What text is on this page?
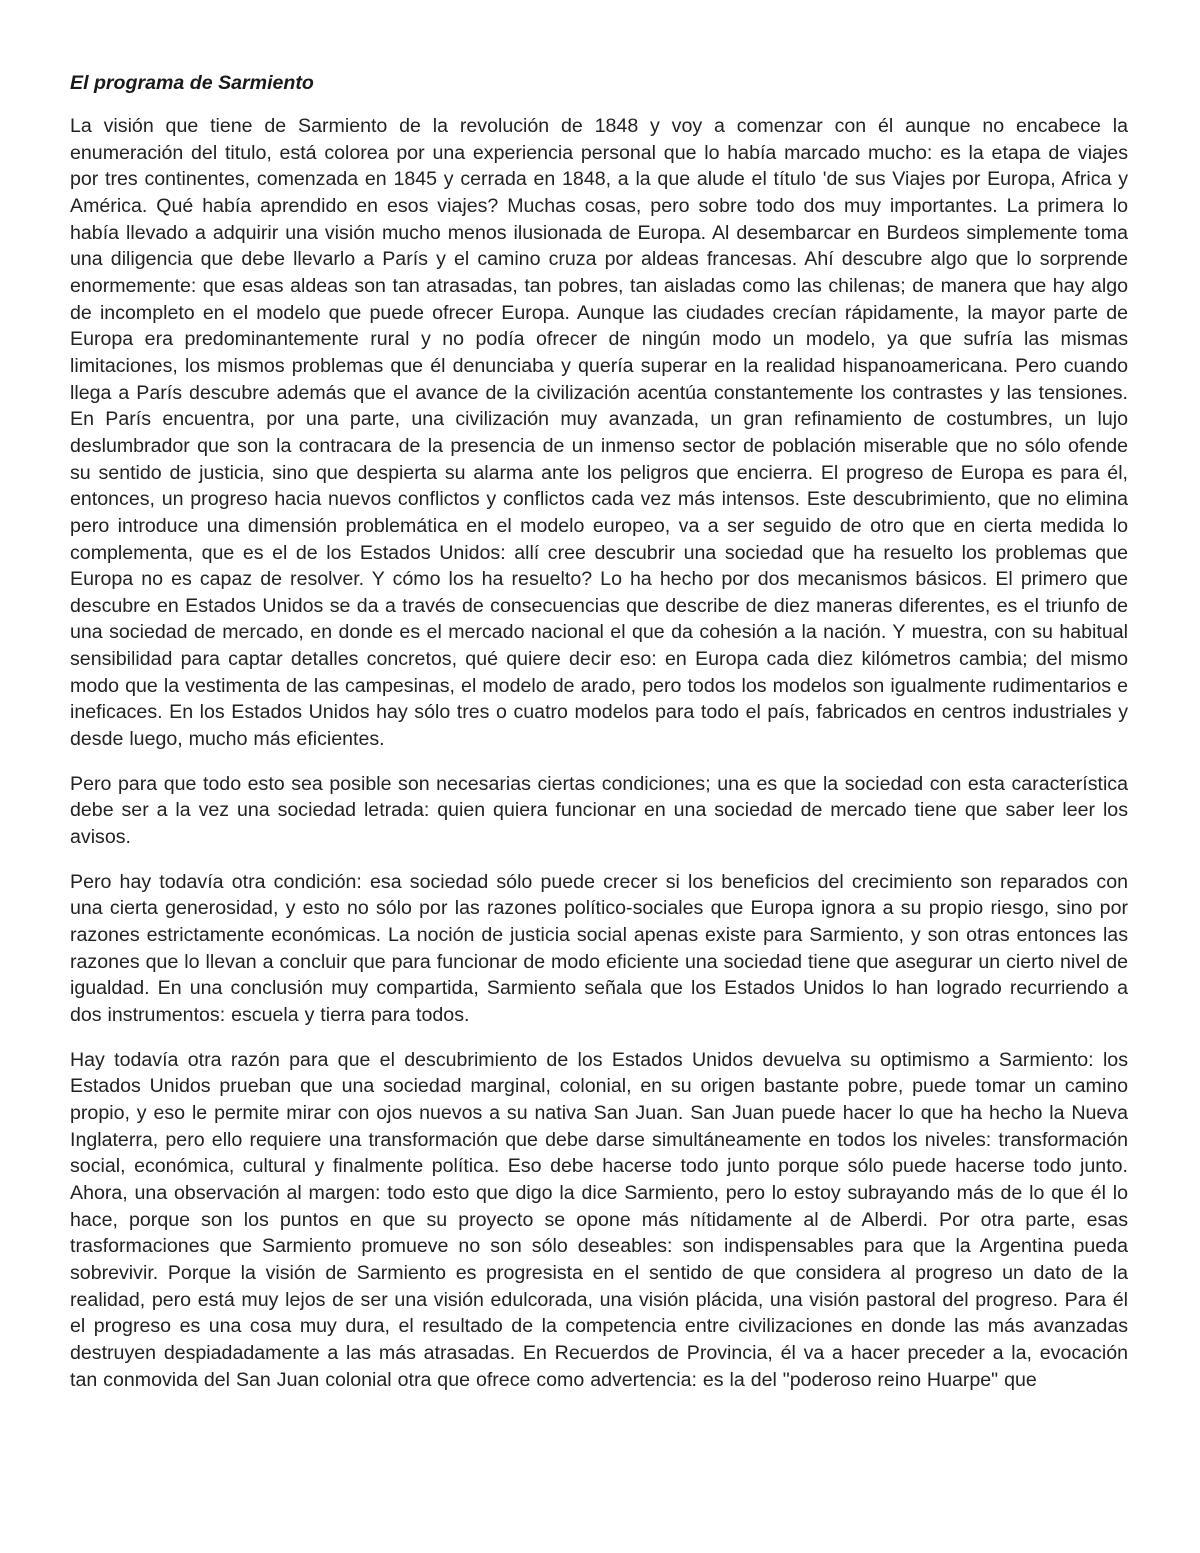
El programa de Sarmiento

La visión que tiene de Sarmiento de la revolución de 1848 y voy a comenzar con él aunque no encabece la enumeración del titulo, está colorea por una experiencia personal que lo había marcado mucho: es la etapa de viajes por tres continentes, comenzada en 1845 y cerrada en 1848, a la que alude el título 'de sus Viajes por Europa, Africa y América. Qué había aprendido en esos viajes? Muchas cosas, pero sobre todo dos muy importantes. La primera lo había llevado a adquirir una visión mucho menos ilusionada de Europa. Al desembarcar en Burdeos simplemente toma una diligencia que debe llevarlo a París y el camino cruza por aldeas francesas. Ahí descubre algo que lo sorprende enormemente: que esas aldeas son tan atrasadas, tan pobres, tan aisladas como las chilenas; de manera que hay algo de incompleto en el modelo que puede ofrecer Europa. Aunque las ciudades crecían rápidamente, la mayor parte de Europa era predominantemente rural y no podía ofrecer de ningún modo un modelo, ya que sufría las mismas limitaciones, los mismos problemas que él denunciaba y quería superar en la realidad hispanoamericana. Pero cuando llega a París descubre además que el avance de la civilización acentúa constantemente los contrastes y las tensiones. En París encuentra, por una parte, una civilización muy avanzada, un gran refinamiento de costumbres, un lujo deslumbrador que son la contracara de la presencia de un inmenso sector de población miserable que no sólo ofende su sentido de justicia, sino que despierta su alarma ante los peligros que encierra. El progreso de Europa es para él, entonces, un progreso hacia nuevos conflictos y conflictos cada vez más intensos. Este descubrimiento, que no elimina pero introduce una dimensión problemática en el modelo europeo, va a ser seguido de otro que en cierta medida lo complementa, que es el de los Estados Unidos: allí cree descubrir una sociedad que ha resuelto los problemas que Europa no es capaz de resolver. Y cómo los ha resuelto? Lo ha hecho por dos mecanismos básicos. El primero que descubre en Estados Unidos se da a través de consecuencias que describe de diez maneras diferentes, es el triunfo de una sociedad de mercado, en donde es el mercado nacional el que da cohesión a la nación. Y muestra, con su habitual sensibilidad para captar detalles concretos, qué quiere decir eso: en Europa cada diez kilómetros cambia; del mismo modo que la vestimenta de las campesinas, el modelo de arado, pero todos los modelos son igualmente rudimentarios e ineficaces. En los Estados Unidos hay sólo tres o cuatro modelos para todo el país, fabricados en centros industriales y desde luego, mucho más eficientes.

Pero para que todo esto sea posible son necesarias ciertas condiciones; una es que la sociedad con esta característica debe ser a la vez una sociedad letrada: quien quiera funcionar en una sociedad de mercado tiene que saber leer los avisos.

Pero hay todavía otra condición: esa sociedad sólo puede crecer si los beneficios del crecimiento son reparados con una cierta generosidad, y esto no sólo por las razones político-sociales que Europa ignora a su propio riesgo, sino por razones estrictamente económicas. La noción de justicia social apenas existe para Sarmiento, y son otras entonces las razones que lo llevan a concluir que para funcionar de modo eficiente una sociedad tiene que asegurar un cierto nivel de igualdad. En una conclusión muy compartida, Sarmiento señala que los Estados Unidos lo han logrado recurriendo a dos instrumentos: escuela y tierra para todos.

Hay todavía otra razón para que el descubrimiento de los Estados Unidos devuelva su optimismo a Sarmiento: los Estados Unidos prueban que una sociedad marginal, colonial, en su origen bastante pobre, puede tomar un camino propio, y eso le permite mirar con ojos nuevos a su nativa San Juan. San Juan puede hacer lo que ha hecho la Nueva Inglaterra, pero ello requiere una transformación que debe darse simultáneamente en todos los niveles: transformación social, económica, cultural y finalmente política. Eso debe hacerse todo junto porque sólo puede hacerse todo junto. Ahora, una observación al margen: todo esto que digo la dice Sarmiento, pero lo estoy subrayando más de lo que él lo hace, porque son los puntos en que su proyecto se opone más nítidamente al de Alberdi. Por otra parte, esas trasformaciones que Sarmiento promueve no son sólo deseables: son indispensables para que la Argentina pueda sobrevivir. Porque la visión de Sarmiento es progresista en el sentido de que considera al progreso un dato de la realidad, pero está muy lejos de ser una visión edulcorada, una visión plácida, una visión pastoral del progreso. Para él el progreso es una cosa muy dura, el resultado de la competencia entre civilizaciones en donde las más avanzadas destruyen despiadadamente a las más atrasadas. En Recuerdos de Provincia, él va a hacer preceder a la, evocación tan conmovida del San Juan colonial otra que ofrece como advertencia: es la del "poderoso reino Huarpe" que
